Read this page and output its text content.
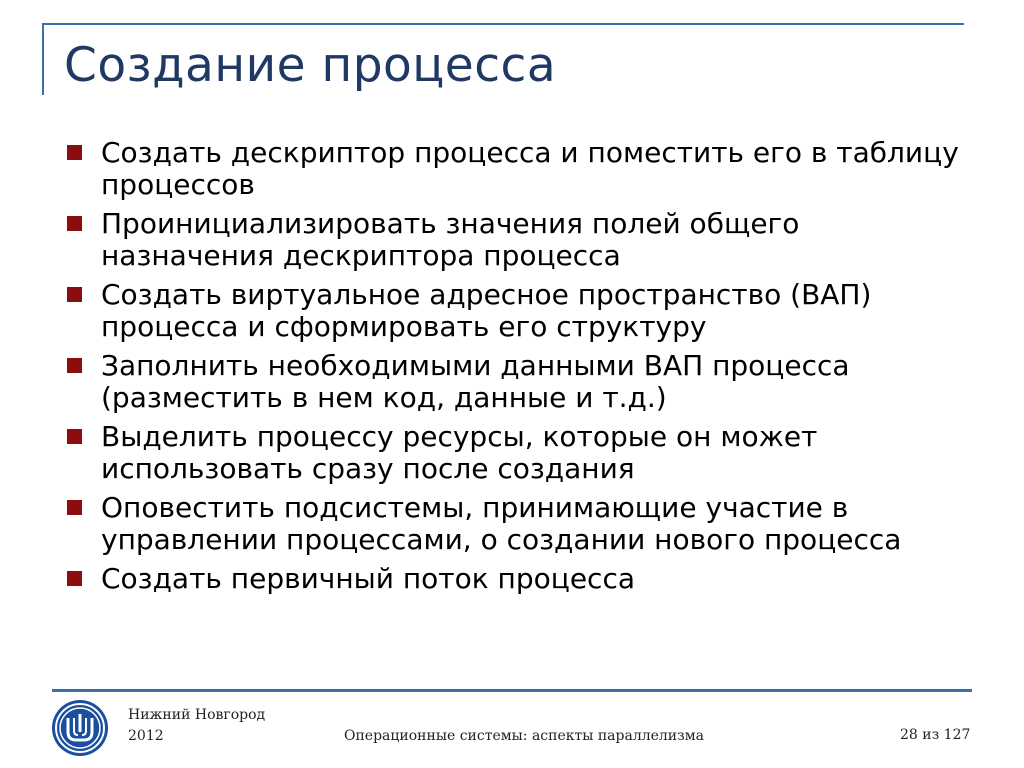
Создание процесса
Создать дескриптор процесса и поместить его в таблицу процессов
Проинициализировать значения полей общего назначения дескриптора процесса
Создать виртуальное адресное пространство (ВАП) процесса и сформировать его структуру
Заполнить необходимыми данными ВАП процесса (разместить в нем код, данные и т.д.)
Выделить процессу ресурсы, которые он может использовать сразу после создания
Оповестить подсистемы, принимающие участие в управлении процессами, о создании нового процесса
Создать первичный поток процесса
Нижний Новгород
2012	Операционные системы: аспекты параллелизма	28 из 127
